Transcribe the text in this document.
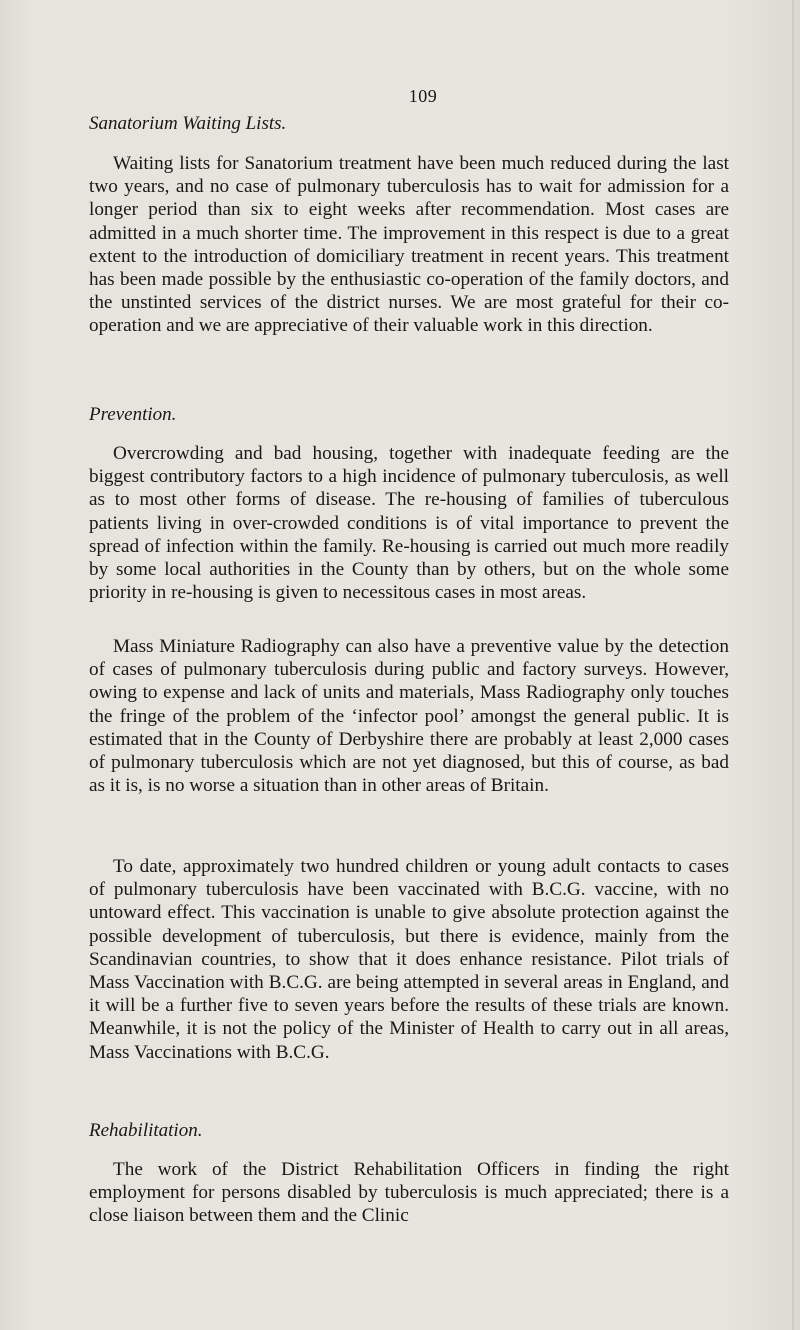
109
Sanatorium Waiting Lists.

Waiting lists for Sanatorium treatment have been much reduced during the last two years, and no case of pulmonary tuberculosis has to wait for admission for a longer period than six to eight weeks after recommendation. Most cases are admitted in a much shorter time. The improvement in this respect is due to a great extent to the introduction of domiciliary treatment in recent years. This treatment has been made possible by the enthusiastic co-operation of the family doctors, and the unstinted services of the district nurses. We are most grateful for their co-operation and we are appreciative of their valuable work in this direction.

Prevention.

Overcrowding and bad housing, together with inadequate feeding are the biggest contributory factors to a high incidence of pulmonary tuberculosis, as well as to most other forms of disease. The re-housing of families of tuberculous patients living in over-crowded conditions is of vital importance to prevent the spread of infection within the family. Re-housing is carried out much more readily by some local authorities in the County than by others, but on the whole some priority in re-housing is given to necessitous cases in most areas.

Mass Miniature Radiography can also have a preventive value by the detection of cases of pulmonary tuberculosis during public and factory surveys. However, owing to expense and lack of units and materials, Mass Radiography only touches the fringe of the problem of the ‘infector pool’ amongst the general public. It is estimated that in the County of Derbyshire there are probably at least 2,000 cases of pulmonary tuberculosis which are not yet diagnosed, but this of course, as bad as it is, is no worse a situation than in other areas of Britain.

To date, approximately two hundred children or young adult contacts to cases of pulmonary tuberculosis have been vaccinated with B.C.G. vaccine, with no untoward effect. This vaccination is unable to give absolute protection against the possible development of tuberculosis, but there is evidence, mainly from the Scandinavian countries, to show that it does enhance resistance. Pilot trials of Mass Vaccination with B.C.G. are being attempted in several areas in England, and it will be a further five to seven years before the results of these trials are known. Meanwhile, it is not the policy of the Minister of Health to carry out in all areas, Mass Vaccinations with B.C.G.

Rehabilitation.

The work of the District Rehabilitation Officers in finding the right employment for persons disabled by tuberculosis is much appreciated; there is a close liaison between them and the Clinic
